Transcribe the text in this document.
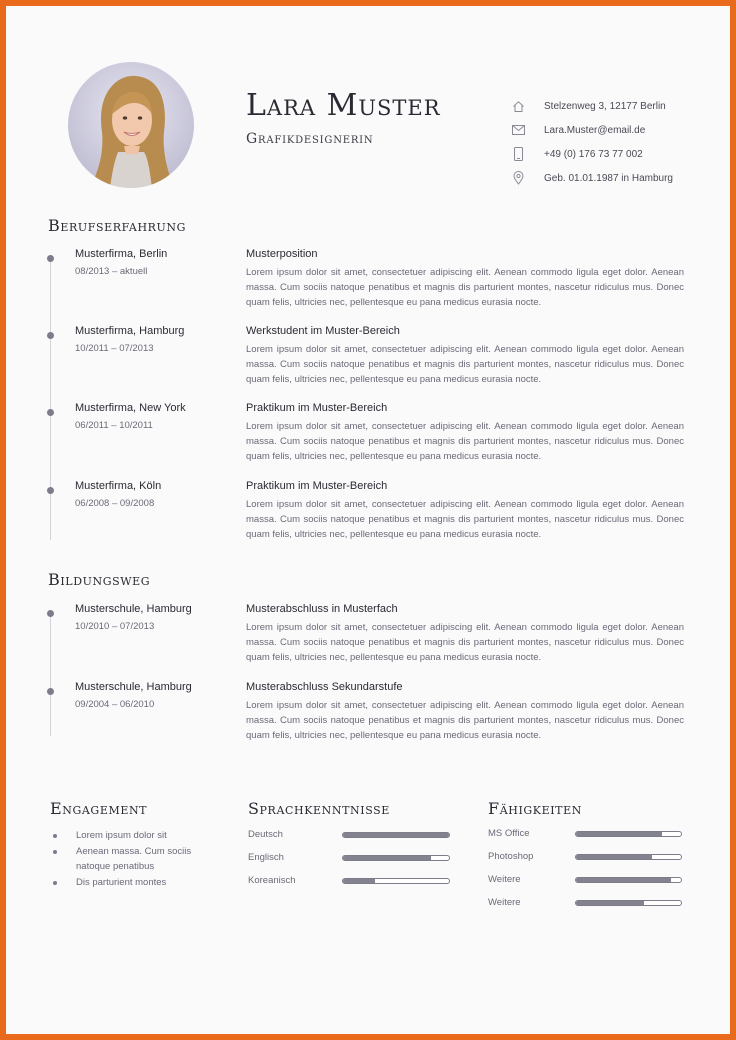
Lara Muster
Grafikdesignerin
Stelzenweg 3, 12177 Berlin
Lara.Muster@email.de
+49 (0) 176 73 77 002
Geb. 01.01.1987 in Hamburg
Berufserfahrung
Musterfirma, Berlin
08/2013 – aktuell
Musterposition
Lorem ipsum dolor sit amet, consectetuer adipiscing elit. Aenean commodo ligula eget dolor. Aenean massa. Cum sociis natoque penatibus et magnis dis parturient montes, nascetur ridiculus mus. Donec quam felis, ultricies nec, pellentesque eu pana medicus eurasia nocte.
Musterfirma, Hamburg
10/2011 – 07/2013
Werkstudent im Muster-Bereich
Lorem ipsum dolor sit amet, consectetuer adipiscing elit. Aenean commodo ligula eget dolor. Aenean massa. Cum sociis natoque penatibus et magnis dis parturient montes, nascetur ridiculus mus. Donec quam felis, ultricies nec, pellentesque eu pana medicus eurasia nocte.
Musterfirma, New York
06/2011 – 10/2011
Praktikum im Muster-Bereich
Lorem ipsum dolor sit amet, consectetuer adipiscing elit. Aenean commodo ligula eget dolor. Aenean massa. Cum sociis natoque penatibus et magnis dis parturient montes, nascetur ridiculus mus. Donec quam felis, ultricies nec, pellentesque eu pana medicus eurasia nocte.
Musterfirma, Köln
06/2008 – 09/2008
Praktikum im Muster-Bereich
Lorem ipsum dolor sit amet, consectetuer adipiscing elit. Aenean commodo ligula eget dolor. Aenean massa. Cum sociis natoque penatibus et magnis dis parturient montes, nascetur ridiculus mus. Donec quam felis, ultricies nec, pellentesque eu pana medicus eurasia nocte.
Bildungsweg
Musterschule, Hamburg
10/2010 – 07/2013
Musterabschluss in Musterfach
Lorem ipsum dolor sit amet, consectetuer adipiscing elit. Aenean commodo ligula eget dolor. Aenean massa. Cum sociis natoque penatibus et magnis dis parturient montes, nascetur ridiculus mus. Donec quam felis, ultricies nec, pellentesque eu pana medicus eurasia nocte.
Musterschule, Hamburg
09/2004 – 06/2010
Musterabschluss Sekundarstufe
Lorem ipsum dolor sit amet, consectetuer adipiscing elit. Aenean commodo ligula eget dolor. Aenean massa. Cum sociis natoque penatibus et magnis dis parturient montes, nascetur ridiculus mus. Donec quam felis, ultricies nec, pellentesque eu pana medicus eurasia nocte.
Engagement
Lorem ipsum dolor sit
Aenean massa. Cum sociis natoque penatibus
Dis parturient montes
Sprachkenntnisse
Deutsch
Englisch
Koreanisch
Fähigkeiten
MS Office
Photoshop
Weitere
Weitere
